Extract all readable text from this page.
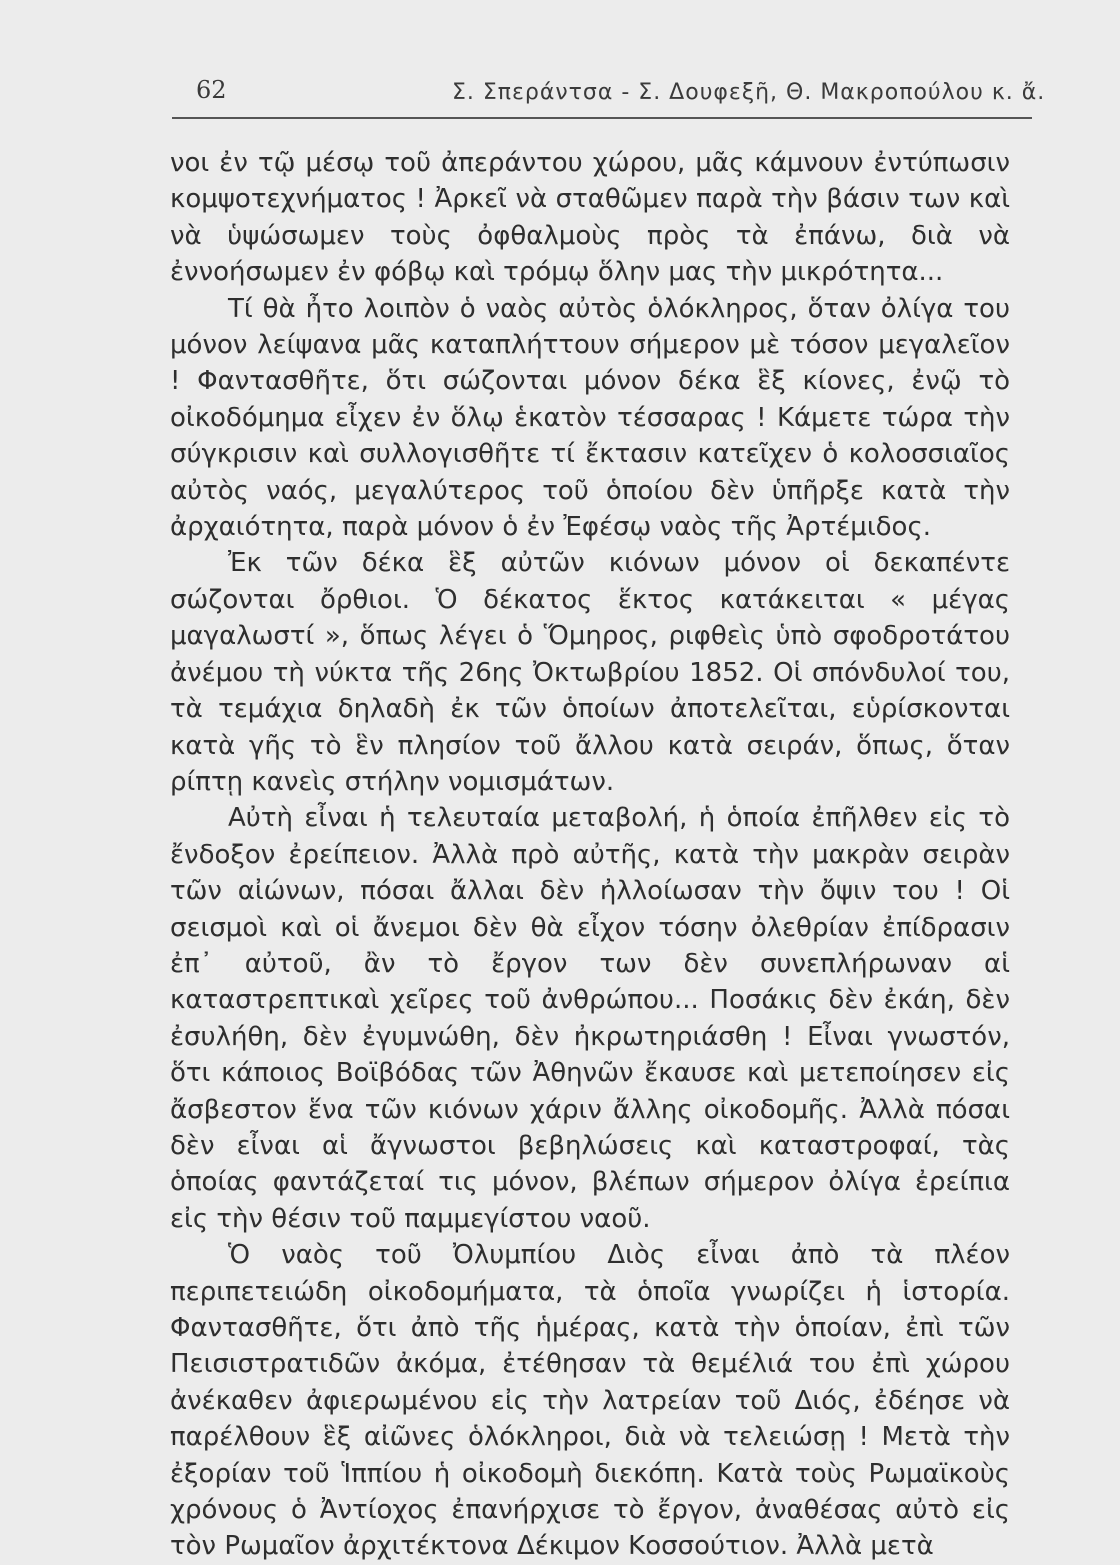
62	Σ. Σπεράντσα - Σ. Δουφεξῆ, Θ. Μακροπούλου κ. ἄ.

νοι ἐν τῷ μέσῳ τοῦ ἀπεράντου χώρου, μᾶς κάμνουν ἐντύπωσιν κομψοτεχνήματος ! Ἀρκεῖ νὰ σταθῶμεν παρὰ τὴν βάσιν των καὶ νὰ ὑψώσωμεν τοὺς ὀφθαλμοὺς πρὸς τὰ ἐπάνω, διὰ νὰ ἐννοήσωμεν ἐν φόβῳ καὶ τρόμῳ ὅλην μας τὴν μικρότητα...

Τί θὰ ἦτο λοιπὸν ὁ ναὸς αὐτὸς ὁλόκληρος, ὅταν ὀλίγα του μόνον λείψανα μᾶς καταπλήττουν σήμερον μὲ τόσον μεγαλεῖον ! Φαντασθῆτε, ὅτι σώζονται μόνον δέκα ἓξ κίονες, ἐνῷ τὸ οἰκοδόμημα εἶχεν ἐν ὅλῳ ἑκατὸν τέσσαρας ! Κάμετε τώρα τὴν σύγκρισιν καὶ συλλογισθῆτε τί ἔκτασιν κατεῖχεν ὁ κολοσσιαῖος αὐτὸς ναός, μεγαλύτερος τοῦ ὁποίου δὲν ὑπῆρξε κατὰ τὴν ἀρχαιότητα, παρὰ μόνον ὁ ἐν Ἐφέσῳ ναὸς τῆς Ἀρτέμιδος.

Ἐκ τῶν δέκα ἓξ αὐτῶν κιόνων μόνον οἱ δεκαπέντε σώζονται ὄρθιοι. Ὁ δέκατος ἕκτος κατάκειται « μέγας μαγαλωστί », ὅπως λέγει ὁ Ὅμηρος, ριφθεὶς ὑπὸ σφοδροτάτου ἀνέμου τὴ νύκτα τῆς 26ης Ὀκτωβρίου 1852. Οἱ σπόνδυλοί του, τὰ τεμάχια δηλαδὴ ἐκ τῶν ὁποίων ἀποτελεῖται, εὑρίσκονται κατὰ γῆς τὸ ἓν πλησίον τοῦ ἄλλου κατὰ σειράν, ὅπως, ὅταν ρίπτῃ κανεὶς στήλην νομισμάτων.

Αὐτὴ εἶναι ἡ τελευταία μεταβολή, ἡ ὁποία ἐπῆλθεν εἰς τὸ ἔνδοξον ἐρείπειον. Ἀλλὰ πρὸ αὐτῆς, κατὰ τὴν μακρὰν σειρὰν τῶν αἰώνων, πόσαι ἄλλαι δὲν ἠλλοίωσαν τὴν ὄψιν του ! Οἱ σεισμοὶ καὶ οἱ ἄνεμοι δὲν θὰ εἶχον τόσην ὀλεθρίαν ἐπίδρασιν ἐπ᾽ αὐτοῦ, ἂν τὸ ἔργον των δὲν συνεπλήρωναν αἱ καταστρεπτικαὶ χεῖρες τοῦ ἀνθρώπου... Ποσάκις δὲν ἐκάη, δὲν ἐσυλήθη, δὲν ἐγυμνώθη, δὲν ἠκρωτηριάσθη ! Εἶναι γνωστόν, ὅτι κάποιος Βοϊβόδας τῶν Ἀθηνῶν ἔκαυσε καὶ μετεποίησεν εἰς ἄσβεστον ἕνα τῶν κιόνων χάριν ἄλλης οἰκοδομῆς. Ἀλλὰ πόσαι δὲν εἶναι αἱ ἄγνωστοι βεβηλώσεις καὶ καταστροφαί, τὰς ὁποίας φαντάζεταί τις μόνον, βλέπων σήμερον ὀλίγα ἐρείπια εἰς τὴν θέσιν τοῦ παμμεγίστου ναοῦ.

Ὁ ναὸς τοῦ Ὀλυμπίου Διὸς εἶναι ἀπὸ τὰ πλέον περιπετειώδη οἰκοδομήματα, τὰ ὁποῖα γνωρίζει ἡ ἱστορία. Φαντασθῆτε, ὅτι ἀπὸ τῆς ἡμέρας, κατὰ τὴν ὁποίαν, ἐπὶ τῶν Πεισιστρατιδῶν ἀκόμα, ἐτέθησαν τὰ θεμέλιά του ἐπὶ χώρου ἀνέκαθεν ἀφιερωμένου εἰς τὴν λατρείαν τοῦ Διός, ἐδέησε νὰ παρέλθουν ἓξ αἰῶνες ὁλόκληροι, διὰ νὰ τελειώσῃ ! Μετὰ τὴν ἐξορίαν τοῦ Ἱππίου ἡ οἰκοδομὴ διεκόπη. Κατὰ τοὺς Ρωμαϊκοὺς χρόνους ὁ Ἀντίοχος ἐπανήρχισε τὸ ἔργον, ἀναθέσας αὐτὸ εἰς τὸν Ρωμαῖον ἀρχιτέκτονα Δέκιμον Κοσσούτιον. Ἀλλὰ μετὰ
